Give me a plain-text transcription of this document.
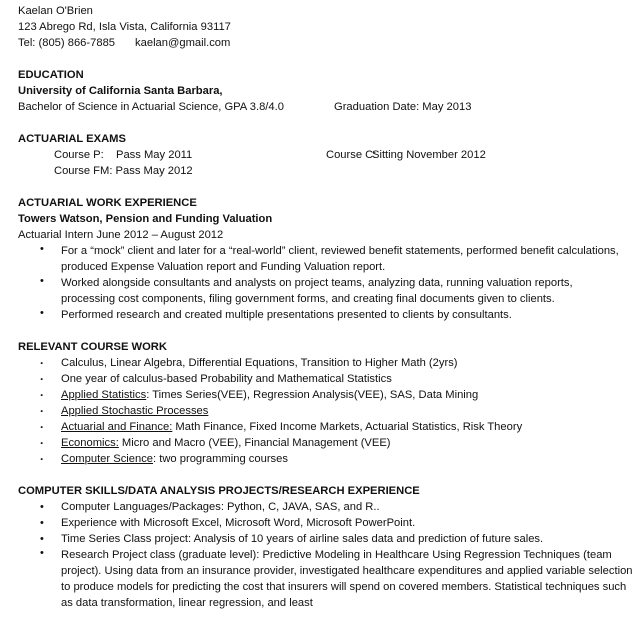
Kaelan O'Brien
123 Abrego Rd, Isla Vista, California 93117
Tel: (805) 866-7885 kaelan@gmail.com
EDUCATION
University of California Santa Barbara,
Bachelor of Science in Actuarial Science, GPA 3.8/4.0	Graduation Date: May 2013
ACTUARIAL EXAMS
Course P: Pass May 2011	Course C:Sitting November 2012
Course FM: Pass May 2012
ACTUARIAL WORK EXPERIENCE
Towers Watson, Pension and Funding Valuation
Actuarial Intern June 2012 – August 2012
•
For a “mock” client and later for a “real-world” client, reviewed benefit statements, performed benefit calculations, produced Expense Valuation report and Funding Valuation report.
•
Worked alongside consultants and analysts on project teams, analyzing data, running valuation reports, processing cost components, filing government forms, and creating final documents given to clients.
•
Performed research and created multiple presentations presented to clients by consultants.
RELEVANT COURSE WORK
·
Calculus, Linear Algebra, Differential Equations, Transition to Higher Math (2yrs)
·
One year of calculus-based Probability and Mathematical Statistics
·
Applied Statistics: Times Series(VEE), Regression Analysis(VEE), SAS, Data Mining
·
Applied Stochastic Processes
·
Actuarial and Finance: Math Finance, Fixed Income Markets, Actuarial Statistics, Risk Theory
·
Economics: Micro and Macro (VEE), Financial Management (VEE)
·
Computer Science: two programming courses
COMPUTER SKILLS/DATA ANALYSIS PROJECTS/RESEARCH EXPERIENCE
•
Computer Languages/Packages: Python, C, JAVA, SAS, and R..
•
Experience with Microsoft Excel, Microsoft Word, Microsoft PowerPoint.
•
Time Series Class project: Analysis of 10 years of airline sales data and prediction of future sales.
•
Research Project class (graduate level): Predictive Modeling in Healthcare Using Regression Techniques (team project). Using data from an insurance provider, investigated healthcare expenditures and applied variable selection to produce models for predicting the cost that insurers will spend on covered members. Statistical techniques such as data transformation, linear regression, and least
